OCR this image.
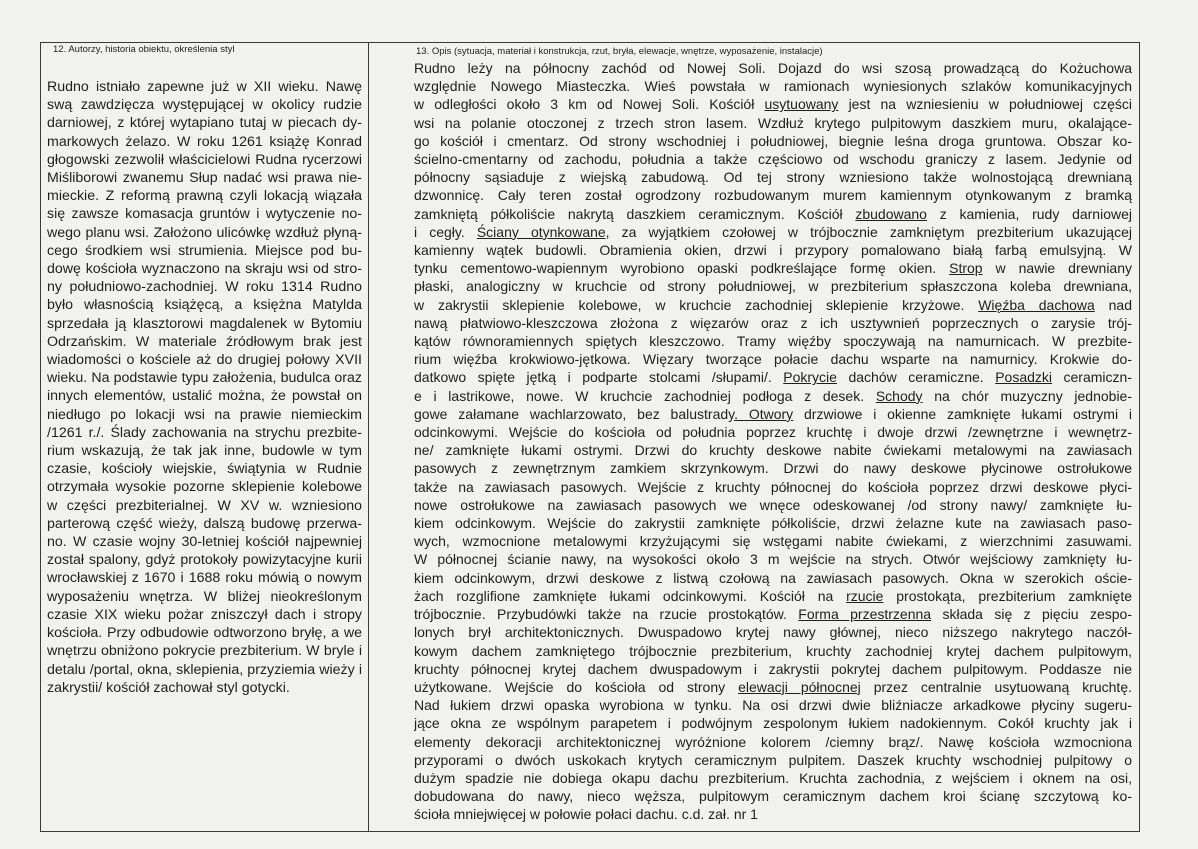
12. Autorzy, historia obiektu, określenia styl
Rudno istniało zapewne już w XII wieku. Nawę
swą zawdzięcza występującej w okolicy rudzie
darniowej, z której wytapiano tutaj w piecach dy-
markowych żelazo. W roku 1261 książę Konrad
głogowski zezwolił właścicielowi Rudna rycerzowi
Miśliborowi zwanemu Słup nadać wsi prawa nie-
mieckie. Z reformą prawną czyli lokacją wiązała
się zawsze komasacja gruntów i wytyczenie no-
wego planu wsi. Założono ulicówkę wzdłuż płyną-
cego środkiem wsi strumienia. Miejsce pod bu-
dowę kościoła wyznaczono na skraju wsi od stro-
ny południowo-zachodniej. W roku 1314 Rudno
było własnością książęcą, a księżna Matylda
sprzedała ją klasztorowi magdalenek w Bytomiu
Odrzańskim. W materiale źródłowym brak jest
wiadomości o kościele aż do drugiej połowy XVII
wieku. Na podstawie typu założenia, budulca oraz
innych elementów, ustalić można, że powstał on
niedługo po lokacji wsi na prawie niemieckim
/1261 r./. Ślady zachowania na strychu prezbite-
rium wskazują, że tak jak inne, budowle w tym
czasie, kościoły wiejskie, świątynia w Rudnie
otrzymała wysokie pozorne sklepienie kolebowe
w części prezbiterialnej. W XV w. wzniesiono
parterową część wieży, dalszą budowę przerwa-
no. W czasie wojny 30-letniej kościół najpewniej
został spalony, gdyż protokoły powizytacyjne kurii
wrocławskiej z 1670 i 1688 roku mówią o nowym
wyposażeniu wnętrza. W bliżej nieokreślonym
czasie XIX wieku pożar zniszczył dach i stropy
kościoła. Przy odbudowie odtworzono bryłę, a we
wnętrzu obniżono pokrycie prezbiterium. W bryle i
detalu /portal, okna, sklepienia, przyziemia wieży i
zakrystii/ kościół zachował styl gotycki.
13. Opis (sytuacja, materiał i konstrukcja, rzut, bryła, elewacje, wnętrze, wyposażenie, instalacje)
Rudno leży na północny zachód od Nowej Soli. Dojazd do wsi szosą prowadzącą do Kożuchowa
względnie Nowego Miasteczka. Wieś powstała w ramionach wyniesionych szlaków komunikacyjnych
w odległości około 3 km od Nowej Soli. Kościół usytuowany jest na wzniesieniu w południowej części
wsi na polanie otoczonej z trzech stron lasem. Wzdłuż krytego pulpitowym daszkiem muru, okalające-
go kościół i cmentarz. Od strony wschodniej i południowej, biegnie leśna droga gruntowa. Obszar ko-
ścielno-cmentarny od zachodu, południa a także częściowo od wschodu graniczy z lasem. Jedynie od
północny sąsiaduje z wiejską zabudową. Od tej strony wzniesiono także wolnostojącą drewnianą
dzwonnicę. Cały teren został ogrodzony rozbudowanym murem kamiennym otynkowanym z bramką
zamkniętą półkoliście nakrytą daszkiem ceramicznym. Kościół zbudowano z kamienia, rudy darniowej
i cegły. Ściany otynkowane, za wyjątkiem czołowej w trójbocznie zamkniętym prezbiterium ukazującej
kamienny wątek budowli. Obramienia okien, drzwi i przypory pomalowano białą farbą emulsyjną. W
tynku cementowo-wapiennym wyrobiono opaski podkreślające formę okien. Strop w nawie drewniany
płaski, analogiczny w kruchcie od strony południowej, w prezbiterium spłaszczona koleba drewniana,
w zakrystii sklepienie kolebowe, w kruchcie zachodniej sklepienie krzyżowe. Więźba dachowa nad
nawą płatwiowo-kleszczowa złożona z więzarów oraz z ich usztywnień poprzecznych o zarysie trój-
kątów równoramiennych spiętych kleszczowo. Tramy więźby spoczywają na namurnicach. W prezbite-
rium więźba krokwiowo-jętkowa. Więzary tworzące połacie dachu wsparte na namurnicy. Krokwie do-
datkowo spięte jętką i podparte stolcami /słupami/. Pokrycie dachów ceramiczne. Posadzki ceramiczn-
e i lastrikowe, nowe. W kruchcie zachodniej podłoga z desek. Schody na chór muzyczny jednobie-
gowe załamane wachlarzowato, bez balustrady. Otwory drzwiowe i okienne zamknięte łukami ostrymi i
odcinkowymi. Wejście do kościoła od południa poprzez kruchtę i dwoje drzwi /zewnętrzne i wewnętrz-
ne/ zamknięte łukami ostrymi. Drzwi do kruchty deskowe nabite ćwiekami metalowymi na zawiasach
pasowych z zewnętrznym zamkiem skrzynkowym. Drzwi do nawy deskowe płycinowe ostrołukowe
także na zawiasach pasowych. Wejście z kruchty północnej do kościoła poprzez drzwi deskowe płyci-
nowe ostrołukowe na zawiasach pasowych we wnęce odeskowanej /od strony nawy/ zamknięte łu-
kiem odcinkowym. Wejście do zakrystii zamknięte półkoliście, drzwi żelazne kute na zawiasach paso-
wych, wzmocnione metalowymi krzyżującymi się wstęgami nabite ćwiekami, z wierzchnimi zasuwami.
W północnej ścianie nawy, na wysokości około 3 m wejście na strych. Otwór wejściowy zamknięty łu-
kiem odcinkowym, drzwi deskowe z listwą czołową na zawiasach pasowych. Okna w szerokich oście-
żach rozglifione zamknięte łukami odcinkowymi. Kościół na rzucie prostokąta, prezbiterium zamknięte
trójbocznie. Przybudówki także na rzucie prostokątów. Forma przestrzenna składa się z pięciu zespo-
lonych brył architektonicznych. Dwuspadowo krytej nawy głównej, nieco niższego nakrytego naczół-
kowym dachem zamkniętego trójbocznie prezbiterium, kruchty zachodniej krytej dachem pulpitowym,
kruchty północnej krytej dachem dwuspadowym i zakrystii pokrytej dachem pulpitowym. Poddasze nie
użytkowane. Wejście do kościoła od strony elewacji północnej przez centralnie usytuowaną kruchtę.
Nad łukiem drzwi opaska wyrobiona w tynku. Na osi drzwi dwie bliźniacze arkadkowe płyciny sugeru-
jące okna ze wspólnym parapetem i podwójnym zespolonym łukiem nadokiennym. Cokół kruchty jak i
elementy dekoracji architektonicznej wyróżnione kolorem /ciemny brąz/. Nawę kościoła wzmocniona
przyporami o dwóch uskokach krytych ceramicznym pulpitem. Daszek kruchty wschodniej pulpitowy o
dużym spadzie nie dobiega okapu dachu prezbiterium. Kruchta zachodnia, z wejściem i oknem na osi,
dobudowana do nawy, nieco węższa, pulpitowym ceramicznym dachem kroi ścianę szczytową ko-
ścioła mniejwięcej w połowie połaci dachu. c.d. zał. nr 1
